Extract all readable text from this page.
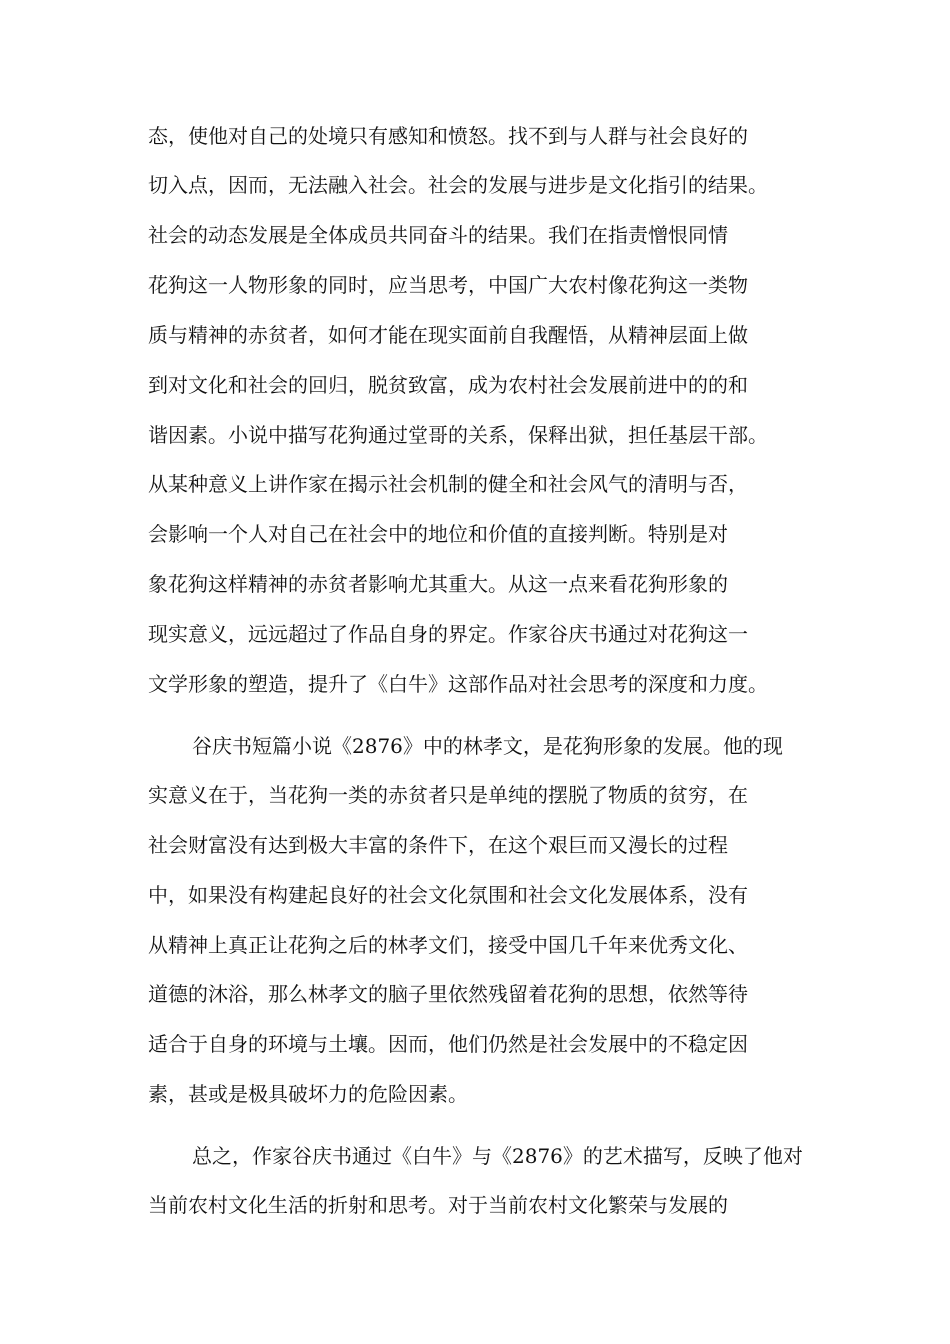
态，使他对自己的处境只有感知和愤怒。找不到与人群与社会良好的
切入点，因而，无法融入社会。社会的发展与进步是文化指引的结果。
社会的动态发展是全体成员共同奋斗的结果。我们在指责憎恨同情
花狗这一人物形象的同时，应当思考，中国广大农村像花狗这一类物
质与精神的赤贫者，如何才能在现实面前自我醒悟，从精神层面上做
到对文化和社会的回归，脱贫致富，成为农村社会发展前进中的的和
谐因素。小说中描写花狗通过堂哥的关系，保释出狱，担任基层干部。
从某种意义上讲作家在揭示社会机制的健全和社会风气的清明与否，
会影响一个人对自己在社会中的地位和价值的直接判断。特别是对
象花狗这样精神的赤贫者影响尤其重大。从这一点来看花狗形象的
现实意义，远远超过了作品自身的界定。作家谷庆书通过对花狗这一
文学形象的塑造，提升了《白牛》这部作品对社会思考的深度和力度。
谷庆书短篇小说《2876》中的林孝文，是花狗形象的发展。他的现
实意义在于，当花狗一类的赤贫者只是单纯的摆脱了物质的贫穷，在
社会财富没有达到极大丰富的条件下，在这个艰巨而又漫长的过程
中，如果没有构建起良好的社会文化氛围和社会文化发展体系，没有
从精神上真正让花狗之后的林孝文们，接受中国几千年来优秀文化、
道德的沐浴，那么林孝文的脑子里依然残留着花狗的思想，依然等待
适合于自身的环境与土壤。因而，他们仍然是社会发展中的不稳定因
素，甚或是极具破坏力的危险因素。
总之，作家谷庆书通过《白牛》与《2876》的艺术描写，反映了他对
当前农村文化生活的折射和思考。对于当前农村文化繁荣与发展的
